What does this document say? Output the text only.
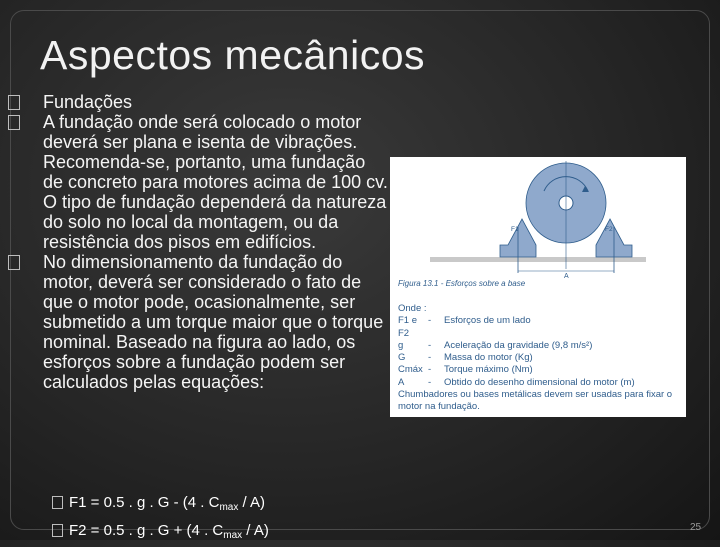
Aspectos mecânicos
Fundações
A fundação onde será colocado o motor deverá ser plana e isenta de vibrações. Recomenda-se, portanto, uma fundação de concreto para motores acima de 100 cv. O tipo de fundação dependerá da natureza do solo no local da montagem, ou da resistência dos pisos em edifícios.
No dimensionamento da fundação do motor, deverá ser considerado o fato de que o motor pode, ocasionalmente, ser submetido a um torque maior que o torque nominal. Baseado na figura ao lado, os esforços sobre a fundação podem ser calculados pelas equações:
F1 = 0.5 . g . G - (4 . $C_{max} / A$)
F2 = 0.5 . g . G + (4 . $C_{max} / A$)
F1	F2
A
Figura 13.1 - Esforços sobre a base
Onde :
F1 e F2
-	Esforços de um lado
g	-	Aceleração da gravidade (9,8 m/s²)
G	-	Massa do motor (Kg)
Cmáx -	Torque máximo (Nm)
A	-	Obtido do desenho dimensional do motor (m)
Chumbadores ou bases metálicas devem ser usadas para fixar o motor na fundação.
25
